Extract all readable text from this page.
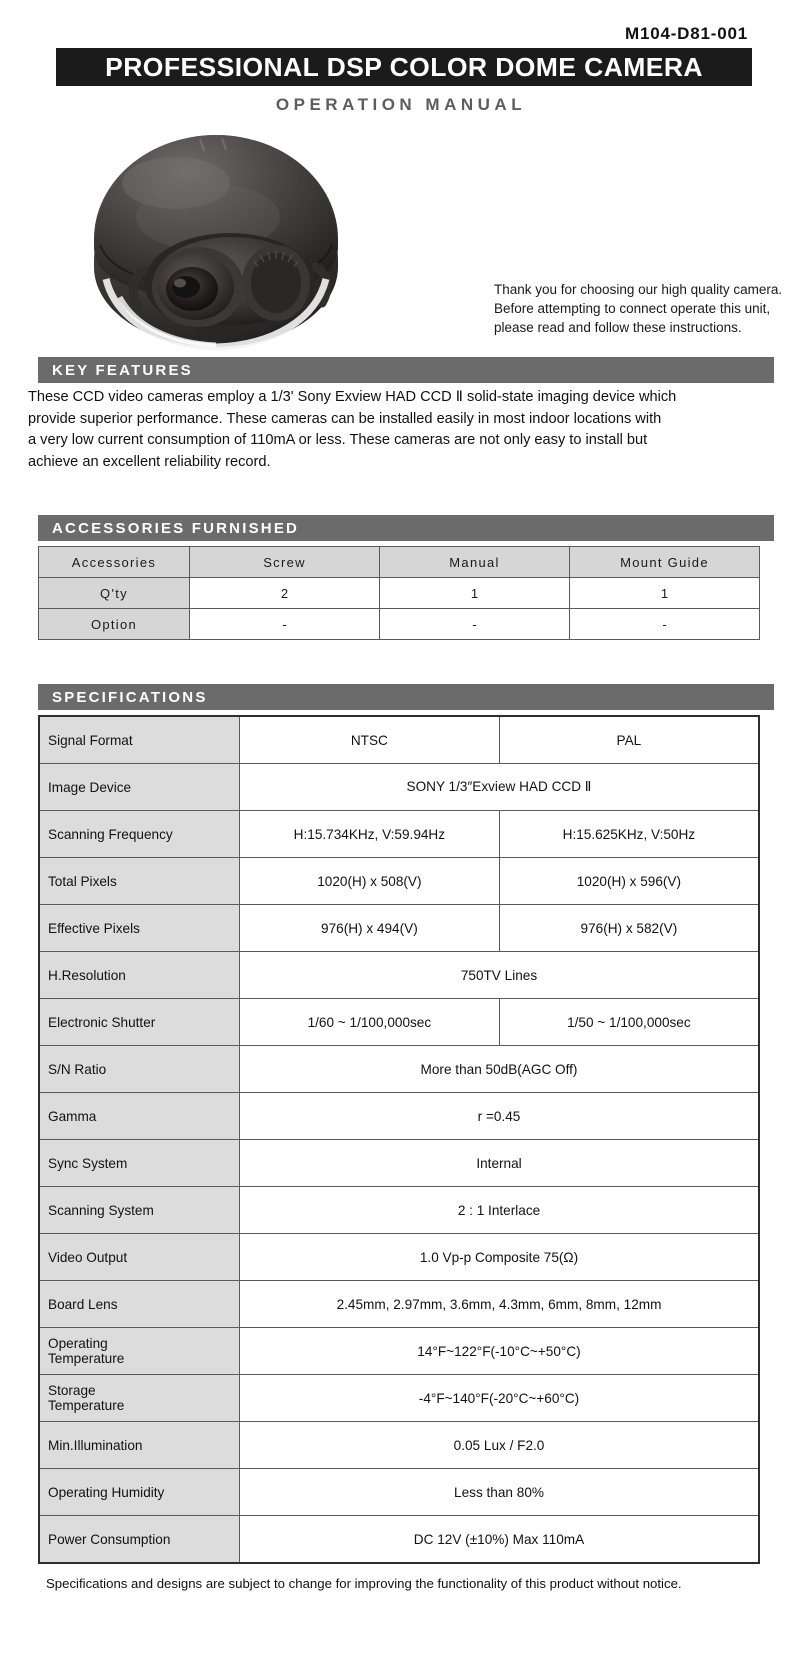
M104-D81-001
PROFESSIONAL DSP COLOR DOME CAMERA
OPERATION MANUAL
Thank you for choosing our high quality camera.
Before attempting to connect operate this unit,
please read and follow these instructions.
KEY FEATURES
These CCD video cameras employ a 1/3' Sony Exview HAD CCD Ⅱ solid-state imaging device which
provide superior performance. These cameras can be installed easily in most indoor locations with
a very low current consumption of 110mA or less. These cameras are not only easy to install but
achieve an excellent reliability record.
ACCESSORIES FURNISHED
Accessories	Screw	Manual	Mount Guide
Q'ty	2	1	1
Option	-	-	-
SPECIFICATIONS
Signal Format	NTSC	PAL
Image Device	SONY 1/3″Exview HAD CCD Ⅱ	
Scanning Frequency	H:15.734KHz, V:59.94Hz	H:15.625KHz, V:50Hz
Total Pixels	1020(H) x 508(V)	1020(H) x 596(V)
Effective Pixels	976(H) x 494(V)	976(H) x 582(V)
H.Resolution	750TV Lines	
Electronic Shutter	1/60 ~ 1/100,000sec	1/50 ~ 1/100,000sec
S/N Ratio	More than 50dB(AGC Off)	
Gamma	r =0.45	
Sync System	Internal	
Scanning System	2 : 1 Interlace	
Video Output	1.0 Vp-p Composite 75(Ω)	
Board Lens	2.45mm, 2.97mm, 3.6mm, 4.3mm, 6mm, 8mm, 12mm	

Operating
Temperature	14°F~122°F(-10°C~+50°C)	

Storage
Temperature	-4°F~140°F(-20°C~+60°C)	
Min.Illumination	0.05 Lux / F2.0	
Operating Humidity	Less than 80%	
Power Consumption	DC 12V (±10%) Max 110mA	
Specifications and designs are subject to change for improving the functionality of this product without notice.
